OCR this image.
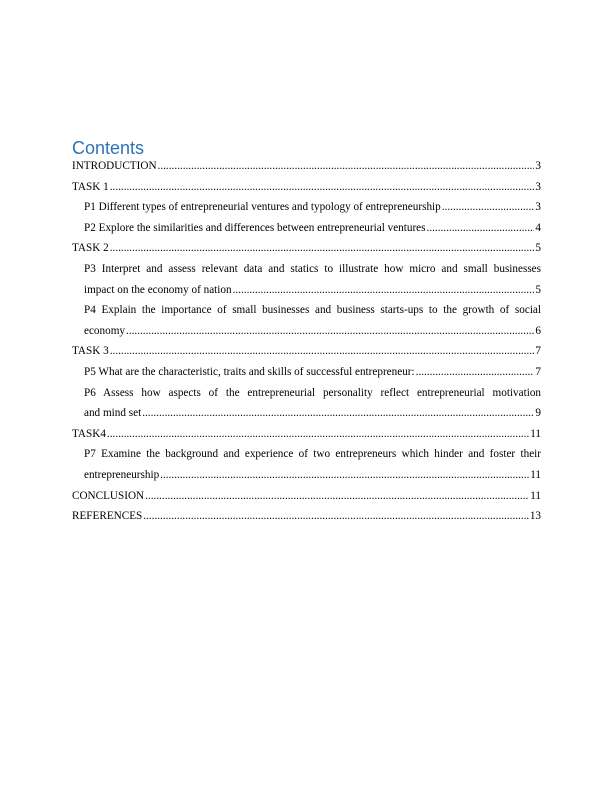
Contents
INTRODUCTION .....	3
TASK 1 .....	3
P1 Different types of entrepreneurial ventures and typology of entrepreneurship .....	3
P2 Explore the similarities and differences between entrepreneurial ventures .....	4
TASK 2 .....	5
P3 Interpret and assess relevant data and statics to illustrate how micro and small businesses
impact on the economy of nation .....	5
P4 Explain the importance of small businesses and business starts-ups to the growth of social
economy .....	6
TASK 3 .....	7
P5 What are the characteristic, traits and skills of successful entrepreneur: .....	7
P6 Assess how aspects of the entrepreneurial personality reflect entrepreneurial motivation
and mind set .....	9
TASK4 .....	11
P7 Examine the background and experience of two entrepreneurs which hinder and foster their
entrepreneurship .....	11
CONCLUSION .....	11
REFERENCES .....	13
